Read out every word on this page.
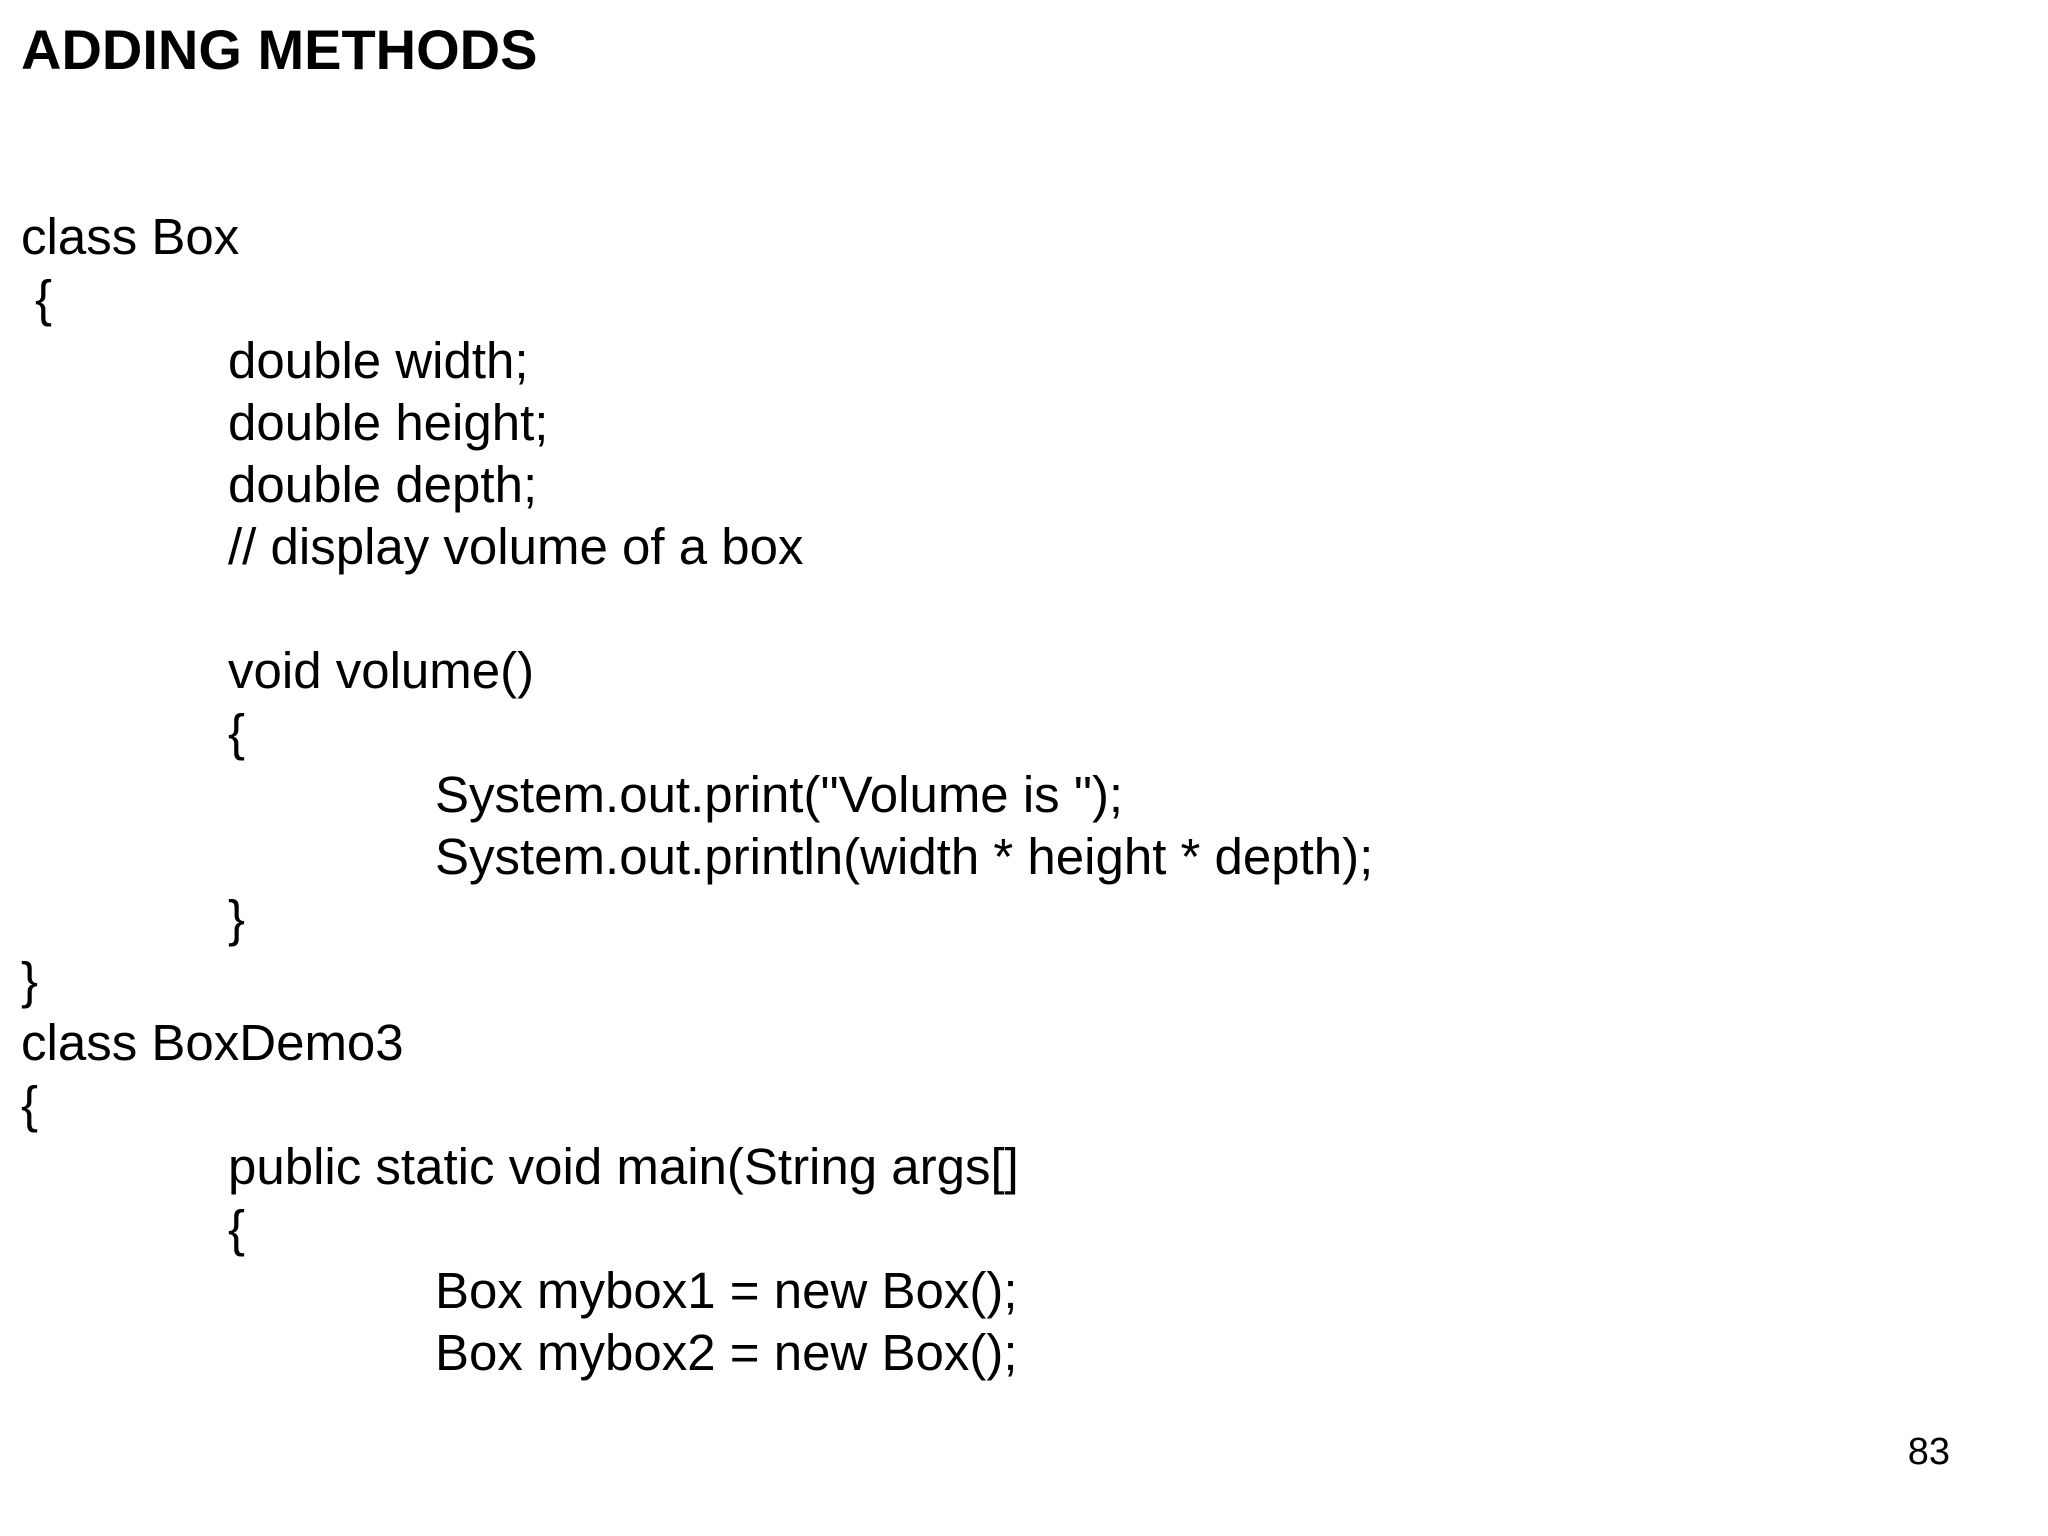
ADDING METHODS
class Box
{
double width;
double height;
double depth;
// display volume of a box
void volume()
{
System.out.print("Volume is ");
System.out.println(width * height * depth);
}
}
class BoxDemo3
{
public static void main(String args[]
{
Box mybox1 = new Box();
Box mybox2 = new Box();
83
